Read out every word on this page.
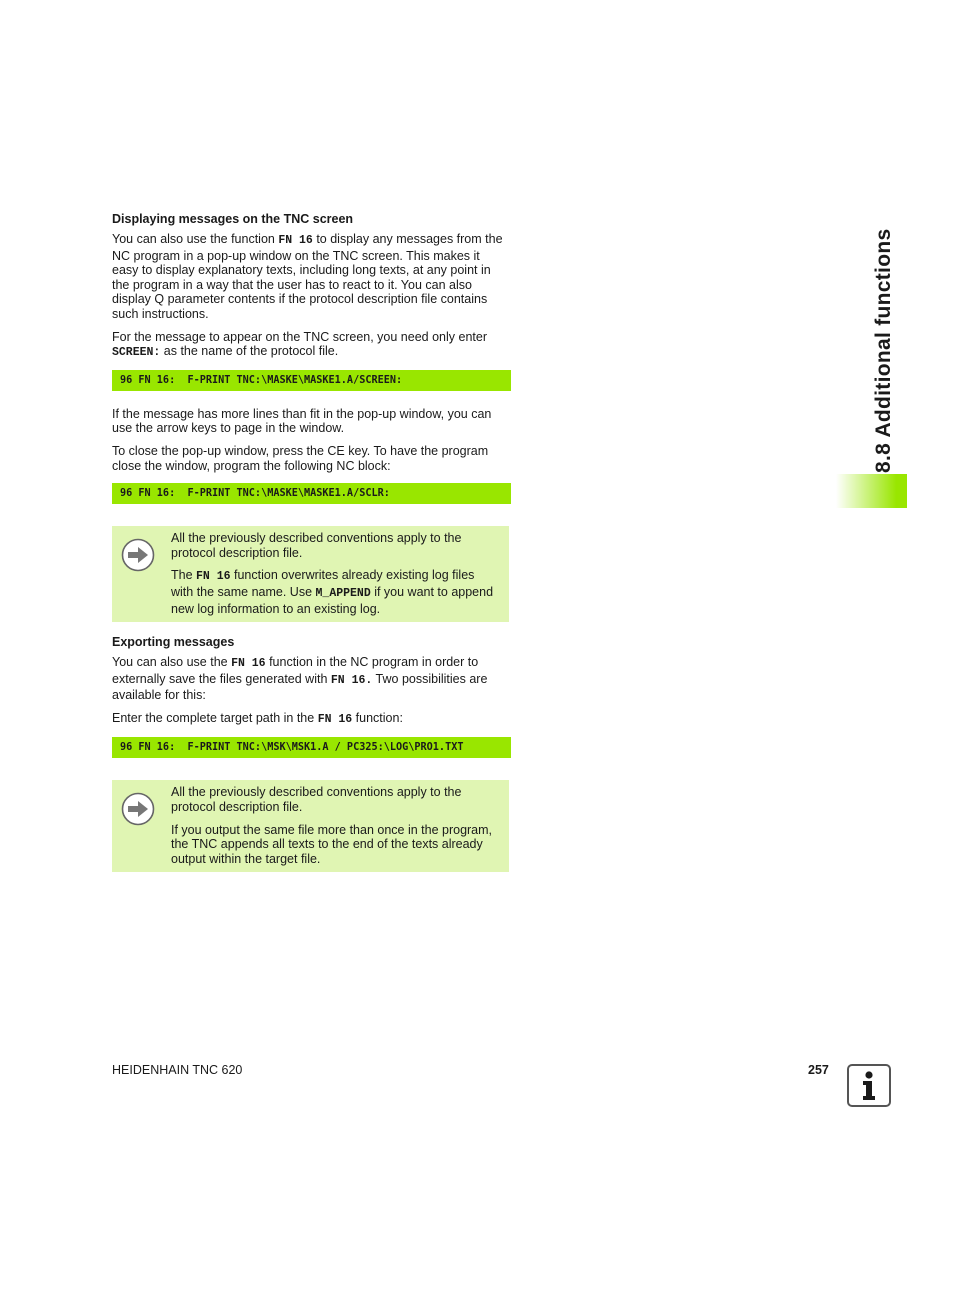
8.8 Additional functions
Displaying messages on the TNC screen

You can also use the function FN 16 to display any messages from the NC program in a pop-up window on the TNC screen. This makes it easy to display explanatory texts, including long texts, at any point in the program in a way that the user has to react to it. You can also display Q parameter contents if the protocol description file contains such instructions.

For the message to appear on the TNC screen, you need only enter SCREEN: as the name of the protocol file.

96 FN 16:  F-PRINT TNC:\MASKE\MASKE1.A/SCREEN:

If the message has more lines than fit in the pop-up window, you can use the arrow keys to page in the window.

To close the pop-up window, press the CE key. To have the program close the window, program the following NC block:

96 FN 16:  F-PRINT TNC:\MASKE\MASKE1.A/SCLR:

All the previously described conventions apply to the protocol description file.

The FN 16 function overwrites already existing log files with the same name. Use M_APPEND if you want to append new log information to an existing log.

Exporting messages

You can also use the FN 16 function in the NC program in order to externally save the files generated with FN 16. Two possibilities are available for this:

Enter the complete target path in the FN 16 function:

96 FN 16:  F-PRINT TNC:\MSK\MSK1.A / PC325:\LOG\PRO1.TXT

All the previously described conventions apply to the protocol description file.

If you output the same file more than once in the program, the TNC appends all texts to the end of the texts already output within the target file.

HEIDENHAIN TNC 620	257
